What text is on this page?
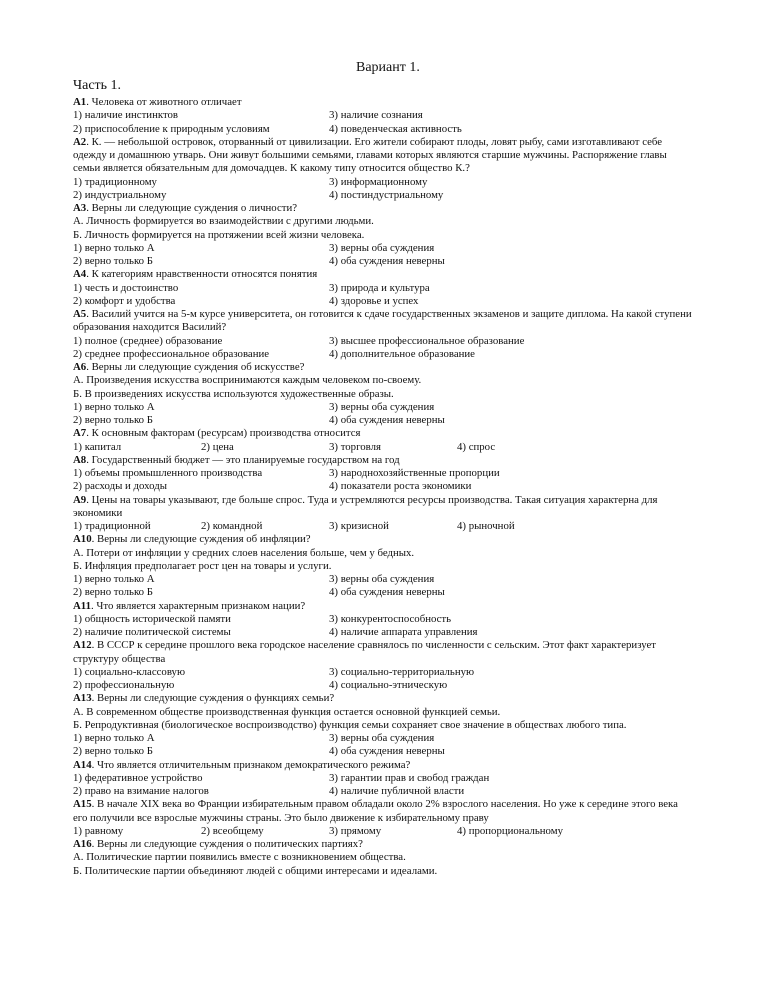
Вариант 1.
Часть 1.
А1. Человека от животного отличает
1) наличие инстинктов	3) наличие сознания
2) приспособление к природным условиям	4) поведенческая активность
А2. К. — небольшой островок, оторванный от цивилизации. Его жители собирают плоды, ловят рыбу, сами изготавливают себе одежду и домашнюю утварь. Они живут большими семьями, главами которых являются старшие мужчины. Распоряжение главы семьи является обязательным для домочадцев. К какому типу относится общество К.?
1) традиционному	3) информационному
2) индустриальному	4) постиндустриальному
А3. Верны ли следующие суждения о личности?
А. Личность формируется во взаимодействии с другими людьми.
Б. Личность формируется на протяжении всей жизни человека.
1) верно только А	3) верны оба суждения
2) верно только Б	4) оба суждения неверны
А4. К категориям нравственности относятся понятия
1) честь и достоинство	3) природа и культура
2) комфорт и удобства	4) здоровье и успех
А5. Василий учится на 5-м курсе университета, он готовится к сдаче государственных экзаменов и защите диплома. На какой ступени образования находится Василий?
1) полное (среднее) образование	3) высшее профессиональное образование
2) среднее профессиональное образование	4) дополнительное образование
А6. Верны ли следующие суждения об искусстве?
А. Произведения искусства воспринимаются каждым человеком по-своему.
Б. В произведениях искусства используются художественные образы.
1) верно только А	3) верны оба суждения
2) верно только Б	4) оба суждения неверны
А7. К основным факторам (ресурсам) производства относится
1) капитал	2) цена	3) торговля	4) спрос
А8. Государственный бюджет — это планируемые государством на год
1) объемы промышленного производства	3) народнохозяйственные пропорции
2) расходы и доходы	4) показатели роста экономики
А9. Цены на товары указывают, где больше спрос. Туда и устремляются ресурсы производства. Такая ситуация характерна для экономики
1) традиционной	2) командной	3) кризисной	4) рыночной
А10. Верны ли следующие суждения об инфляции?
А. Потери от инфляции у средних слоев населения больше, чем у бедных.
Б. Инфляция предполагает рост цен на товары и услуги.
1) верно только А	3) верны оба суждения
2) верно только Б	4) оба суждения неверны
А11. Что является характерным признаком нации?
1) общность исторической памяти	3) конкурентоспособность
2) наличие политической системы	4) наличие аппарата управления
А12. В СССР к середине прошлого века городское население сравнялось по численности с сельским. Этот факт характеризует структуру общества
1) социально-классовую	3) социально-территориальную
2) профессиональную	4) социально-этническую
А13. Верны ли следующие суждения о функциях семьи?
А. В современном обществе производственная функция остается основной функцией семьи.
Б. Репродуктивная (биологическое воспроизводство) функция семьи сохраняет свое значение в обществах любого типа.
1) верно только А	3) верны оба суждения
2) верно только Б	4) оба суждения неверны
А14. Что является отличительным признаком демократического режима?
1) федеративное устройство	3) гарантии прав и свобод граждан
2) право на взимание налогов	4) наличие публичной власти
А15. В начале XIX века во Франции избирательным правом обладали около 2% взрослого населения. Но уже к середине этого века его получили все взрослые мужчины страны. Это было движение к избирательному праву
1) равному	2) всеобщему	3) прямому	4) пропорциональному
А16. Верны ли следующие суждения о политических партиях?
А. Политические партии появились вместе с возникновением общества.
Б. Политические партии объединяют людей с общими интересами и идеалами.
